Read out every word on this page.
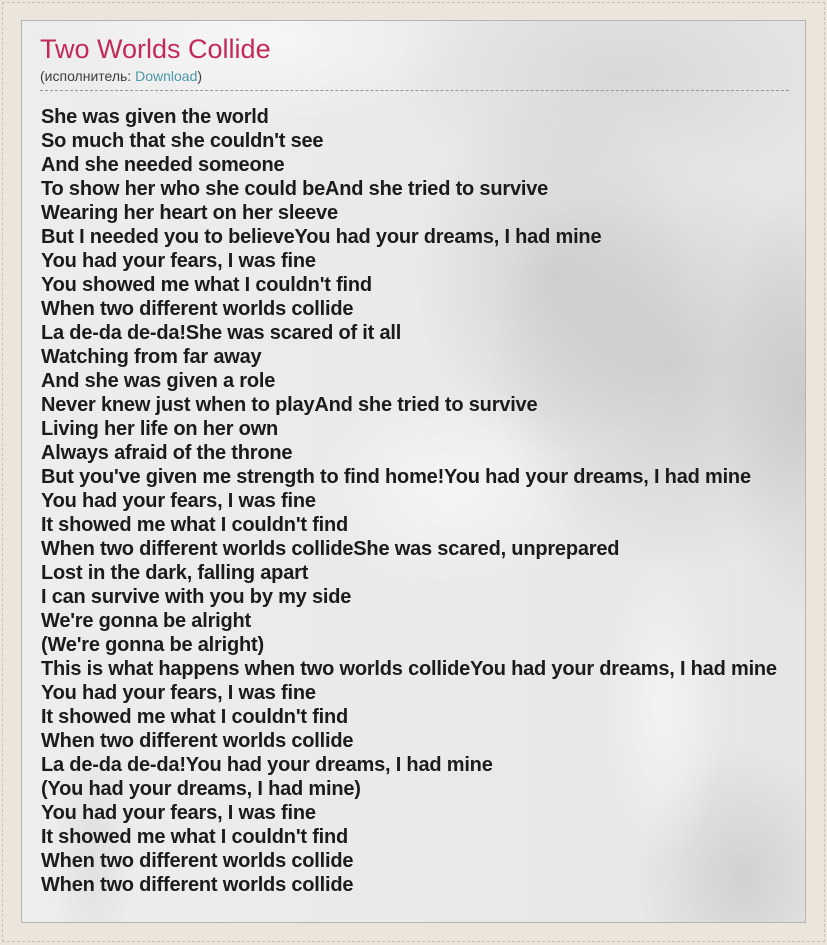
Two Worlds Collide
(исполнитель: Download)
She was given the world
So much that she couldn't see
And she needed someone
To show her who she could beAnd she tried to survive
Wearing her heart on her sleeve
But I needed you to believeYou had your dreams, I had mine
You had your fears, I was fine
You showed me what I couldn't find
When two different worlds collide
La de-da de-da!She was scared of it all
Watching from far away
And she was given a role
Never knew just when to playAnd she tried to survive
Living her life on her own
Always afraid of the throne
But you've given me strength to find home!You had your dreams, I had mine
You had your fears, I was fine
It showed me what I couldn't find
When two different worlds collideShe was scared, unprepared
Lost in the dark, falling apart
I can survive with you by my side
We're gonna be alright
(We're gonna be alright)
This is what happens when two worlds collideYou had your dreams, I had mine
You had your fears, I was fine
It showed me what I couldn't find
When two different worlds collide
La de-da de-da!You had your dreams, I had mine
(You had your dreams, I had mine)
You had your fears, I was fine
It showed me what I couldn't find
When two different worlds collide
When two different worlds collide
